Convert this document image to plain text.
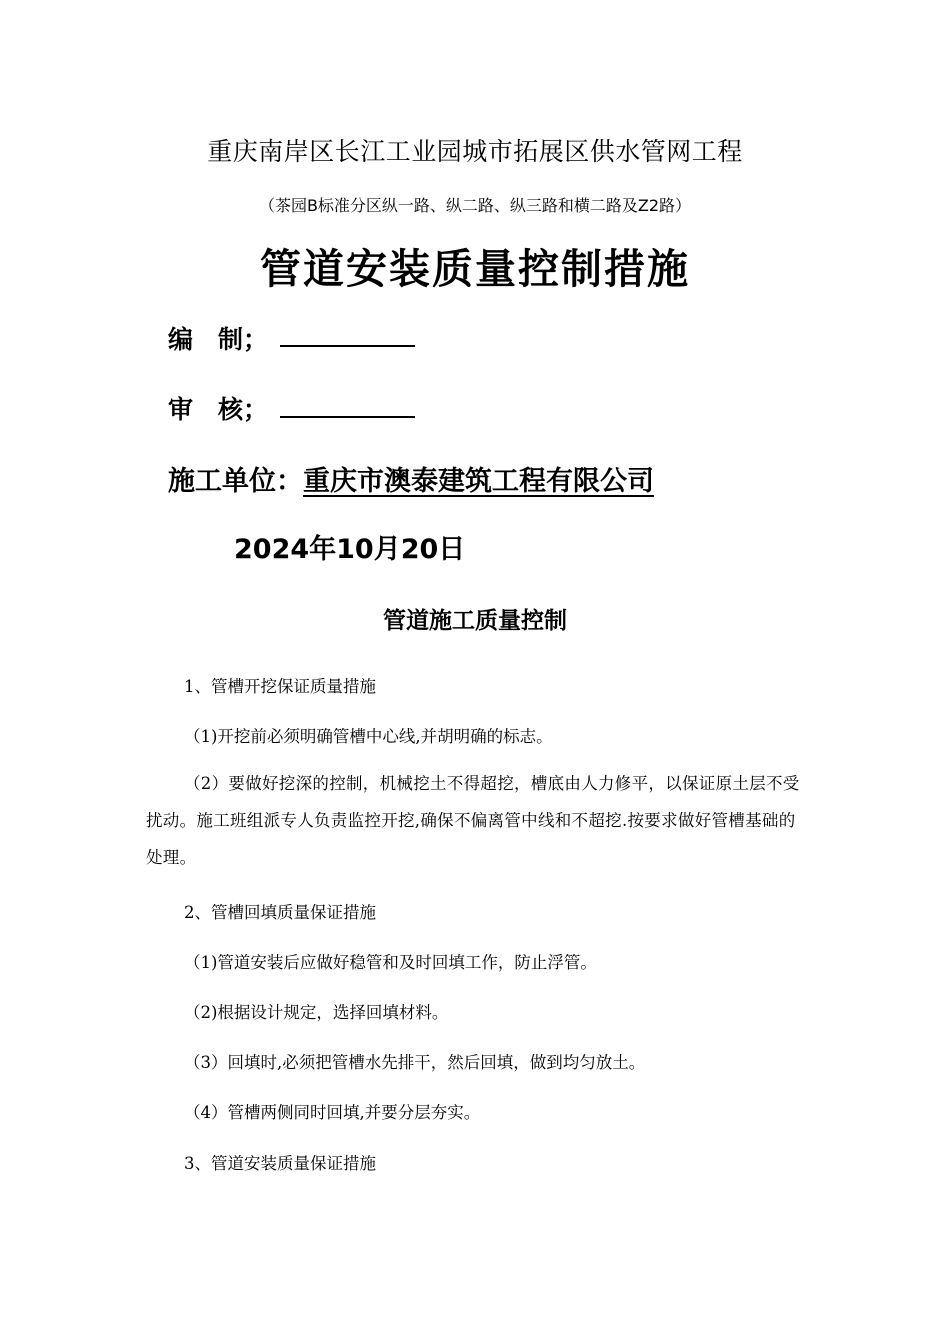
重庆南岸区长江工业园城市拓展区供水管网工程
（茶园B标准分区纵一路、纵二路、纵三路和横二路及Z2路）
管道安装质量控制措施
编　制；
审　核；
施工单位：重庆市澳泰建筑工程有限公司
2024年10月20日
管道施工质量控制
1、管槽开挖保证质量措施
（1)开挖前必须明确管槽中心线,并胡明确的标志。
（2）要做好挖深的控制，机械挖土不得超挖，槽底由人力修平，以保证原土层不受扰动。施工班组派专人负责监控开挖,确保不偏离管中线和不超挖.按要求做好管槽基础的处理。
2、管槽回填质量保证措施
（1)管道安装后应做好稳管和及时回填工作，防止浮管。
（2)根据设计规定，选择回填材料。
（3）回填时,必须把管槽水先排干，然后回填，做到均匀放土。
（4）管槽两侧同时回填,并要分层夯实。
3、管道安装质量保证措施
